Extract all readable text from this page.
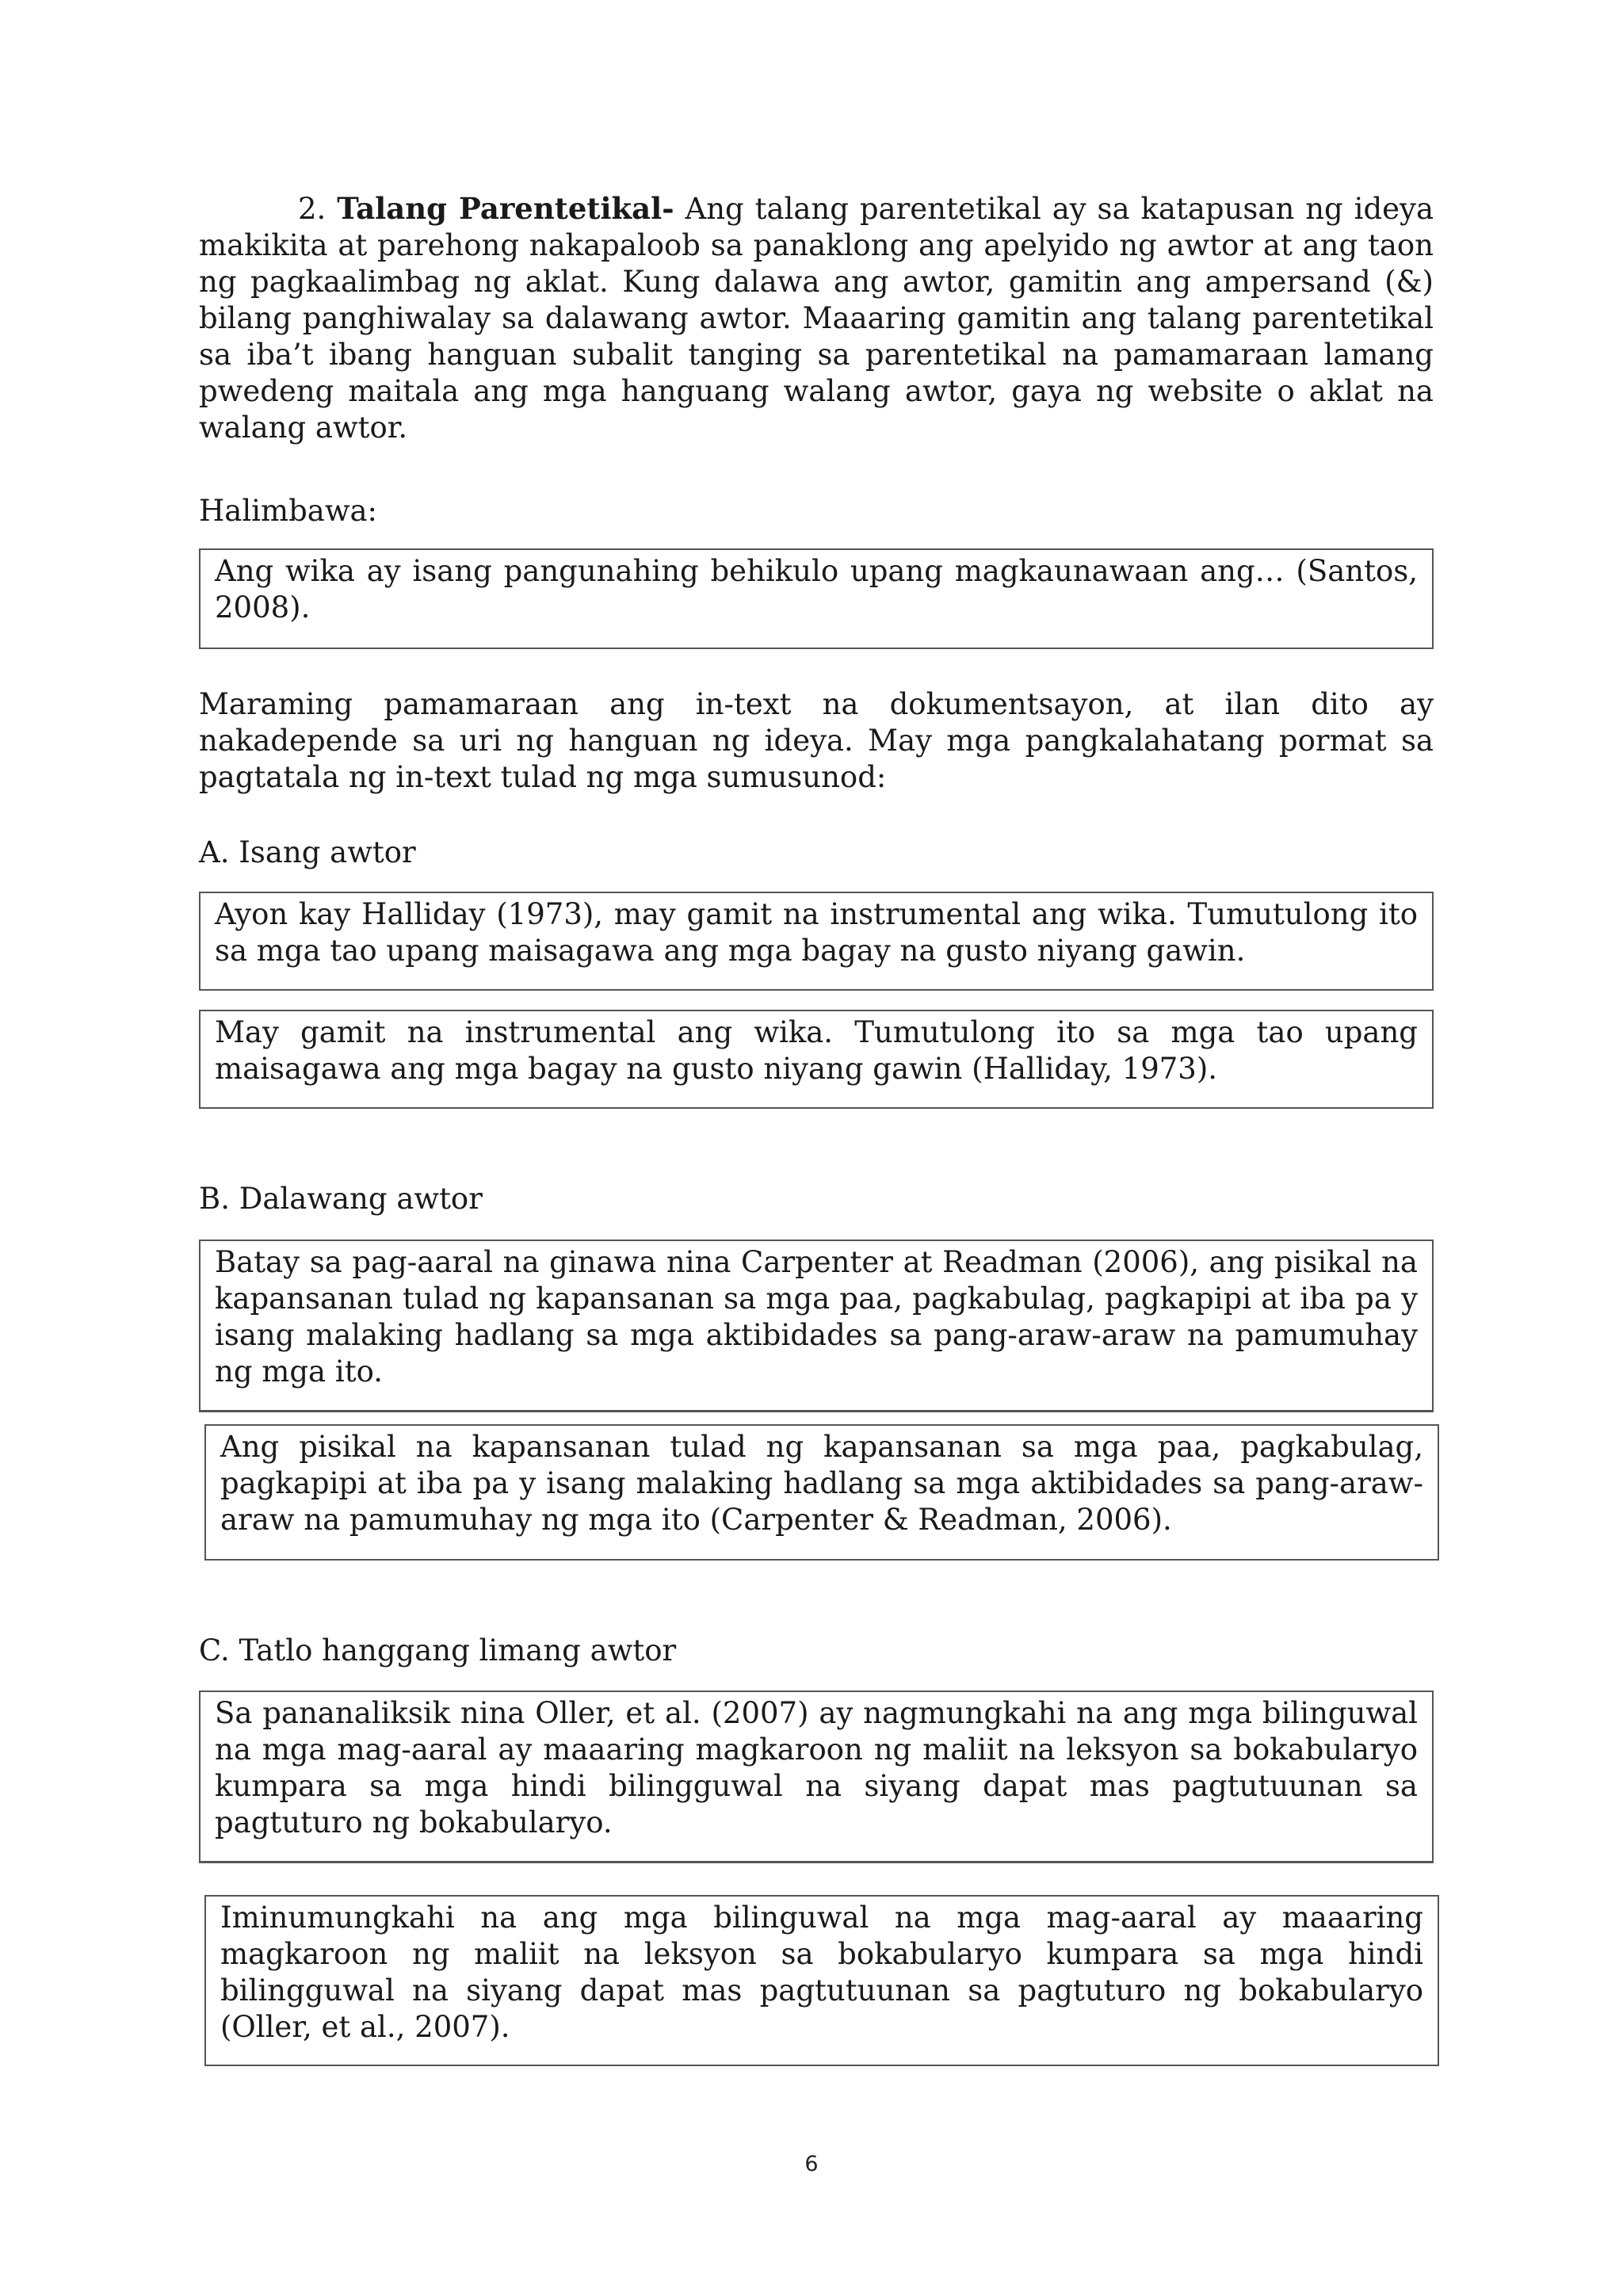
2. Talang Parentetikal- Ang talang parentetikal ay sa katapusan ng ideya makikita at parehong nakapaloob sa panaklong ang apelyido ng awtor at ang taon ng pagkaalimbag ng aklat. Kung dalawa ang awtor, gamitin ang ampersand (&) bilang panghiwalay sa dalawang awtor. Maaaring gamitin ang talang parentetikal sa iba’t ibang hanguan subalit tanging sa parentetikal na pamamaraan lamang pwedeng maitala ang mga hanguang walang awtor, gaya ng website o aklat na walang awtor.

Halimbawa:

Ang wika ay isang pangunahing behikulo upang magkaunawaan ang… (Santos, 2008).

Maraming pamamaraan ang in-text na dokumentsayon, at ilan dito ay nakadepende sa uri ng hanguan ng ideya. May mga pangkalahatang pormat sa pagtatala ng in-text tulad ng mga sumusunod:

A. Isang awtor

Ayon kay Halliday (1973), may gamit na instrumental ang wika. Tumutulong ito sa mga tao upang maisagawa ang mga bagay na gusto niyang gawin.
May gamit na instrumental ang wika. Tumutulong ito sa mga tao upang maisagawa ang mga bagay na gusto niyang gawin (Halliday, 1973).

B. Dalawang awtor

Batay sa pag-aaral na ginawa nina Carpenter at Readman (2006), ang pisikal na kapansanan tulad ng kapansanan sa mga paa, pagkabulag, pagkapipi at iba pa y isang malaking hadlang sa mga aktibidades sa pang-araw-araw na pamumuhay ng mga ito.
Ang pisikal na kapansanan tulad ng kapansanan sa mga paa, pagkabulag, pagkapipi at iba pa y isang malaking hadlang sa mga aktibidades sa pang-araw-araw na pamumuhay ng mga ito (Carpenter & Readman, 2006).

C. Tatlo hanggang limang awtor

Sa pananaliksik nina Oller, et al. (2007) ay nagmungkahi na ang mga bilinguwal na mga mag-aaral ay maaaring magkaroon ng maliit na leksyon sa bokabularyo kumpara sa mga hindi bilingguwal na siyang dapat mas pagtutuunan sa pagtuturo ng bokabularyo.
Iminumungkahi na ang mga bilinguwal na mga mag-aaral ay maaaring magkaroon ng maliit na leksyon sa bokabularyo kumpara sa mga hindi bilingguwal na siyang dapat mas pagtutuunan sa pagtuturo ng bokabularyo (Oller, et al., 2007).
6
